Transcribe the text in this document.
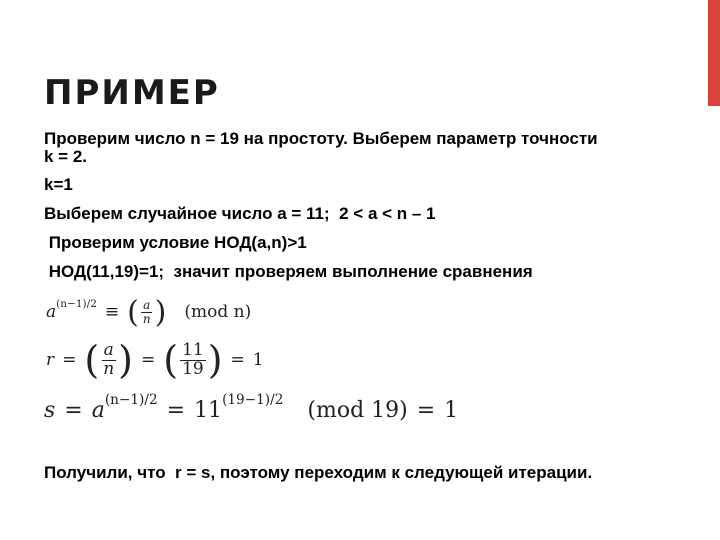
ПРИМЕР

Проверим число n = 19 на простоту. Выберем параметр точности

k = 2.

k=1

Выберем случайное число a = 11;  2 < a < n – 1

Проверим условие НОД(a,n)>1

НОД(11,19)=1;  значит проверяем выполнение сравнения

a (n−1)/2 ≡ ( $\frac{a}{n}$ ) (mod n)
r = ( $\frac{a}{n}$ ) = ( $\frac{11}{19}$ ) = 1
s = a (n−1)/2 = 11 (19−1)/2 (mod 19) = 1

Получили, что  r = s, поэтому переходим к следующей итерации.
